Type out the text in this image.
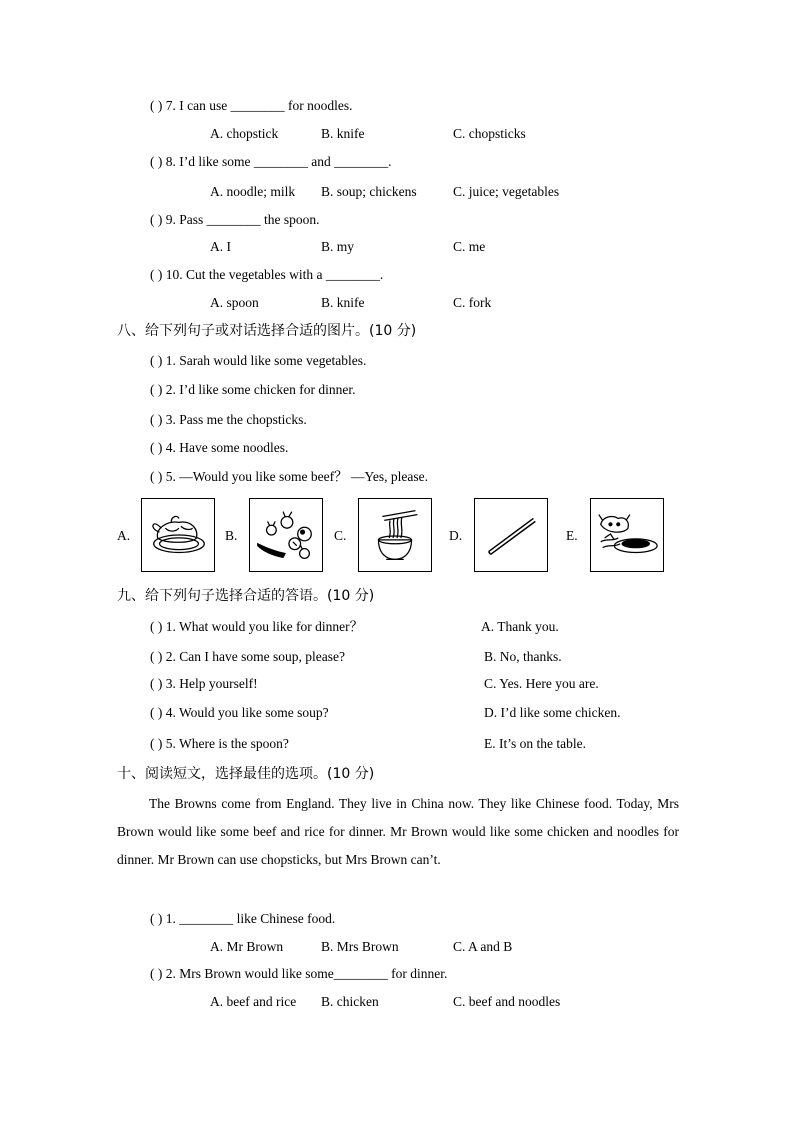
( ) 7. I can use ________ for noodles.
A. chopstick	B. knife	C. chopsticks
( ) 8. I’d like some ________ and ________.
A. noodle; milk B. soup; chickens	C. juice; vegetables
( ) 9. Pass ________ the spoon.
A. I	B. my	C. me
( ) 10. Cut the vegetables with a ________.
A. spoon	B. knife	C. fork
八、给下列句子或对话选择合适的图片。(10 分)
( ) 1. Sarah would like some vegetables.
( ) 2. I’d like some chicken for dinner.
( ) 3. Pass me the chopsticks.
( ) 4. Have some noodles.
( ) 5. —Would you like some beef？ —Yes, please.
A.	B.	C.	D.	E.
九、给下列句子选择合适的答语。(10 分)
( ) 1. What would you like for dinner？	A. Thank you.
( ) 2. Can I have some soup, please?	B. No, thanks.
( ) 3. Help yourself!	C. Yes. Here you are.
( ) 4. Would you like some soup?	D. I’d like some chicken.
( ) 5. Where is the spoon?	E. It’s on the table.
十、阅读短文，选择最佳的选项。(10 分)
The Browns come from England. They live in China now. They like Chinese food. Today, Mrs Brown would like some beef and rice for dinner. Mr Brown would like some chicken and noodles for dinner. Mr Brown can use chopsticks, but Mrs Brown can’t.
( ) 1. ________ like Chinese food.
A. Mr Brown	B. Mrs Brown	C. A and B
( ) 2. Mrs Brown would like some________ for dinner.
A. beef and rice B. chicken	C. beef and noodles
